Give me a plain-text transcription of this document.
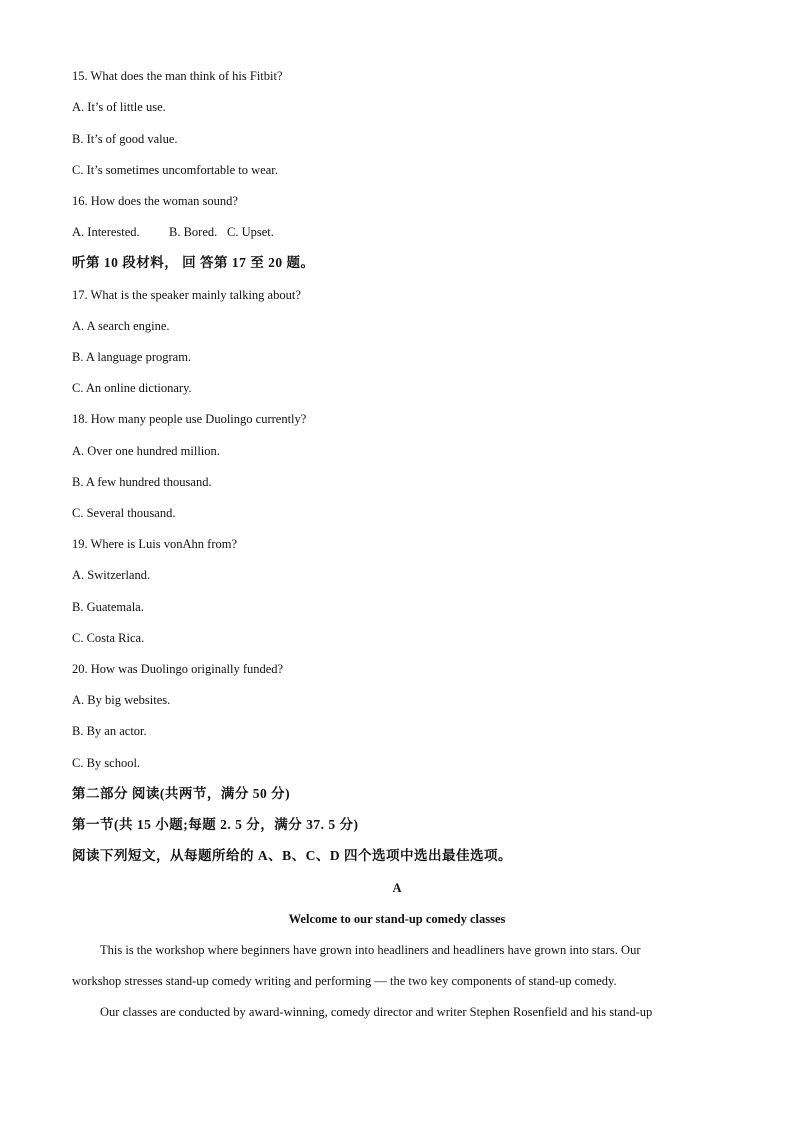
15. What does the man think of his Fitbit?
A. It’s of little use.
B. It’s of good value.
C. It’s sometimes uncomfortable to wear.
16. How does the woman sound?
A. Interested. B. Bored. C. Upset.
听第 10 段材料， 回 答第 17 至 20 题。
17. What is the speaker mainly talking about?
A. A search engine.
B. A language program.
C. An online dictionary.
18. How many people use Duolingo currently?
A. Over one hundred million.
B. A few hundred thousand.
C. Several thousand.
19. Where is Luis vonAhn from?
A. Switzerland.
B. Guatemala.
C. Costa Rica.
20. How was Duolingo originally funded?
A. By big websites.
B. By an actor.
C. By school.
第二部分 阅读(共两节，满分 50 分)
第一节(共 15 小题;每题 2. 5 分，满分 37. 5 分)
阅读下列短文，从每题所给的 A、B、C、D 四个选项中选出最佳选项。
A
Welcome to our stand-up comedy classes
This is the workshop where beginners have grown into headliners and headliners have grown into stars. Our
workshop stresses stand-up comedy writing and performing — the two key components of stand-up comedy.
Our classes are conducted by award-winning, comedy director and writer Stephen Rosenfield and his stand-up
